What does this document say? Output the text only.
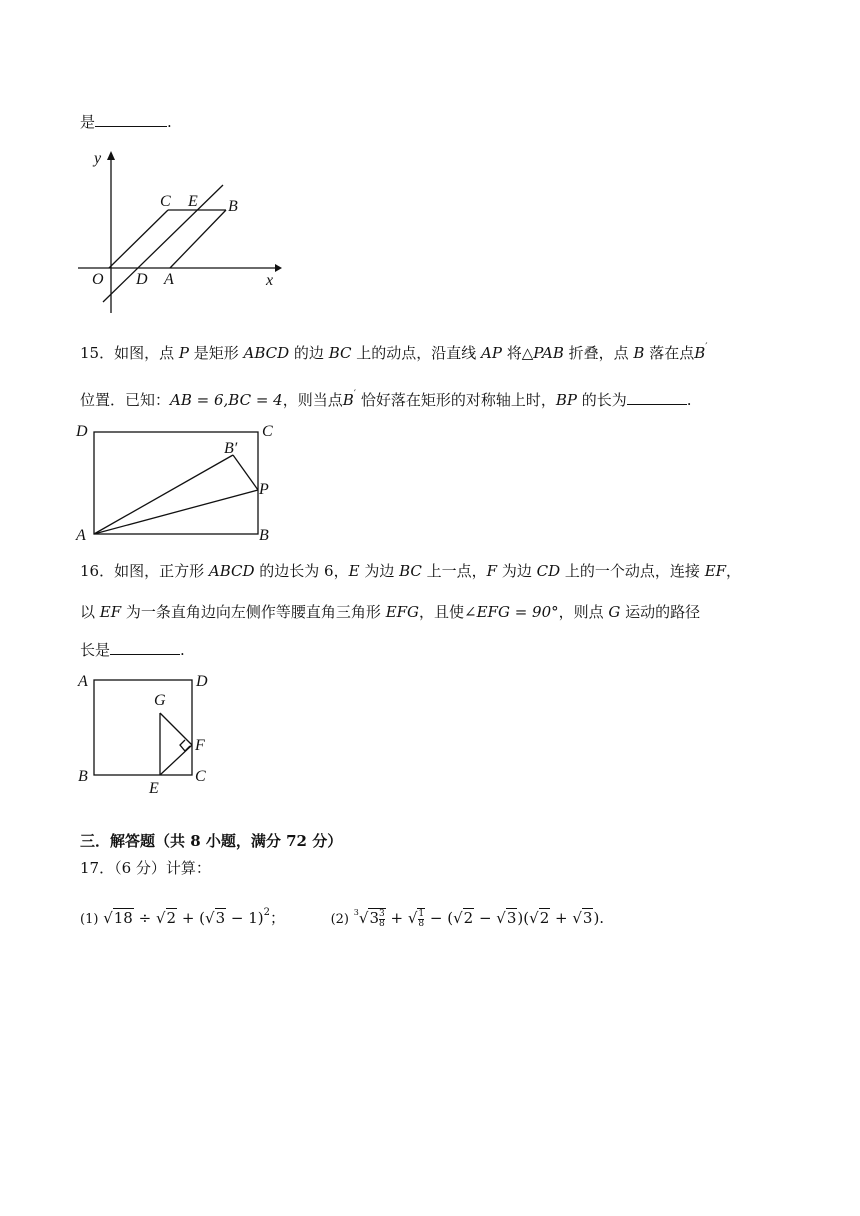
是	.
y
x
O D A
C E B
15．如图，点 P 是矩形 ABCD 的边 BC 上的动点，沿直线 AP 将△PAB 折叠，点 B 落在点B′
位置．已知：AB = 6,BC = 4，则当点B′ 恰好落在矩形的对称轴上时，BP 的长为	.
D	C
B′
P
A	B
16．如图，正方形 ABCD 的边长为 6，E 为边 BC 上一点，F 为边 CD 上的一个动点，连接 EF，
以 EF 为一条直角边向左侧作等腰直角三角形 EFG，且使∠EFG = 90°，则点 G 运动的路径
长是	.
A	D
G
F
B
E
C
三．解答题（共 8 小题，满分 72 分）
17．（6 分）计算：
(1) $√18 \div √2 + (√3 - 1)^2$；	(2) $^3√3 \frac{3}{8}$ + √ $\frac{1}{8} - (√2 - √3)(√2 + √3)$.
